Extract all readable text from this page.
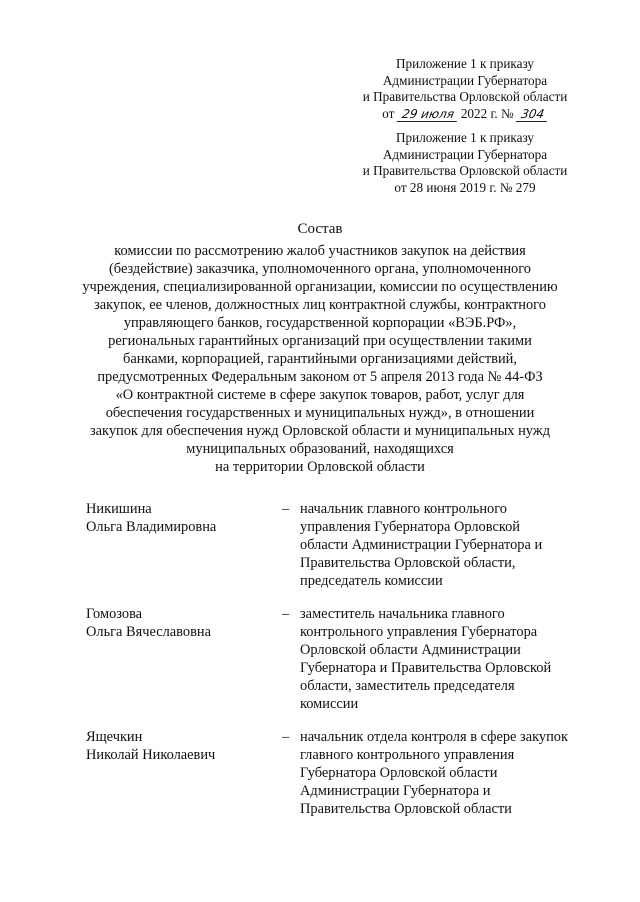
Приложение 1 к приказу
Администрации Губернатора
и Правительства Орловской области
от 29 июля 2022 г. № 304
Приложение 1 к приказу
Администрации Губернатора
и Правительства Орловской области
от 28 июня 2019 г. № 279
Состав
комиссии по рассмотрению жалоб участников закупок на действия
(бездействие) заказчика, уполномоченного органа, уполномоченного
учреждения, специализированной организации, комиссии по осуществлению
закупок, ее членов, должностных лиц контрактной службы, контрактного
управляющего банков, государственной корпорации «ВЭБ.РФ»,
региональных гарантийных организаций при осуществлении такими
банками, корпорацией, гарантийными организациями действий,
предусмотренных Федеральным законом от 5 апреля 2013 года № 44-ФЗ
«О контрактной системе в сфере закупок товаров, работ, услуг для
обеспечения государственных и муниципальных нужд», в отношении
закупок для обеспечения нужд Орловской области и муниципальных нужд
муниципальных образований, находящихся
на территории Орловской области
Никишина
Ольга Владимировна
– начальник главного контрольного
управления Губернатора Орловской
области Администрации Губернатора и
Правительства Орловской области,
председатель комиссии
Гомозова
Ольга Вячеславовна
– заместитель начальника главного
контрольного управления Губернатора
Орловской области Администрации
Губернатора и Правительства Орловской
области, заместитель председателя
комиссии
Ящечкин
Николай Николаевич
– начальник отдела контроля в сфере закупок
главного контрольного управления
Губернатора Орловской области
Администрации Губернатора и
Правительства Орловской области
